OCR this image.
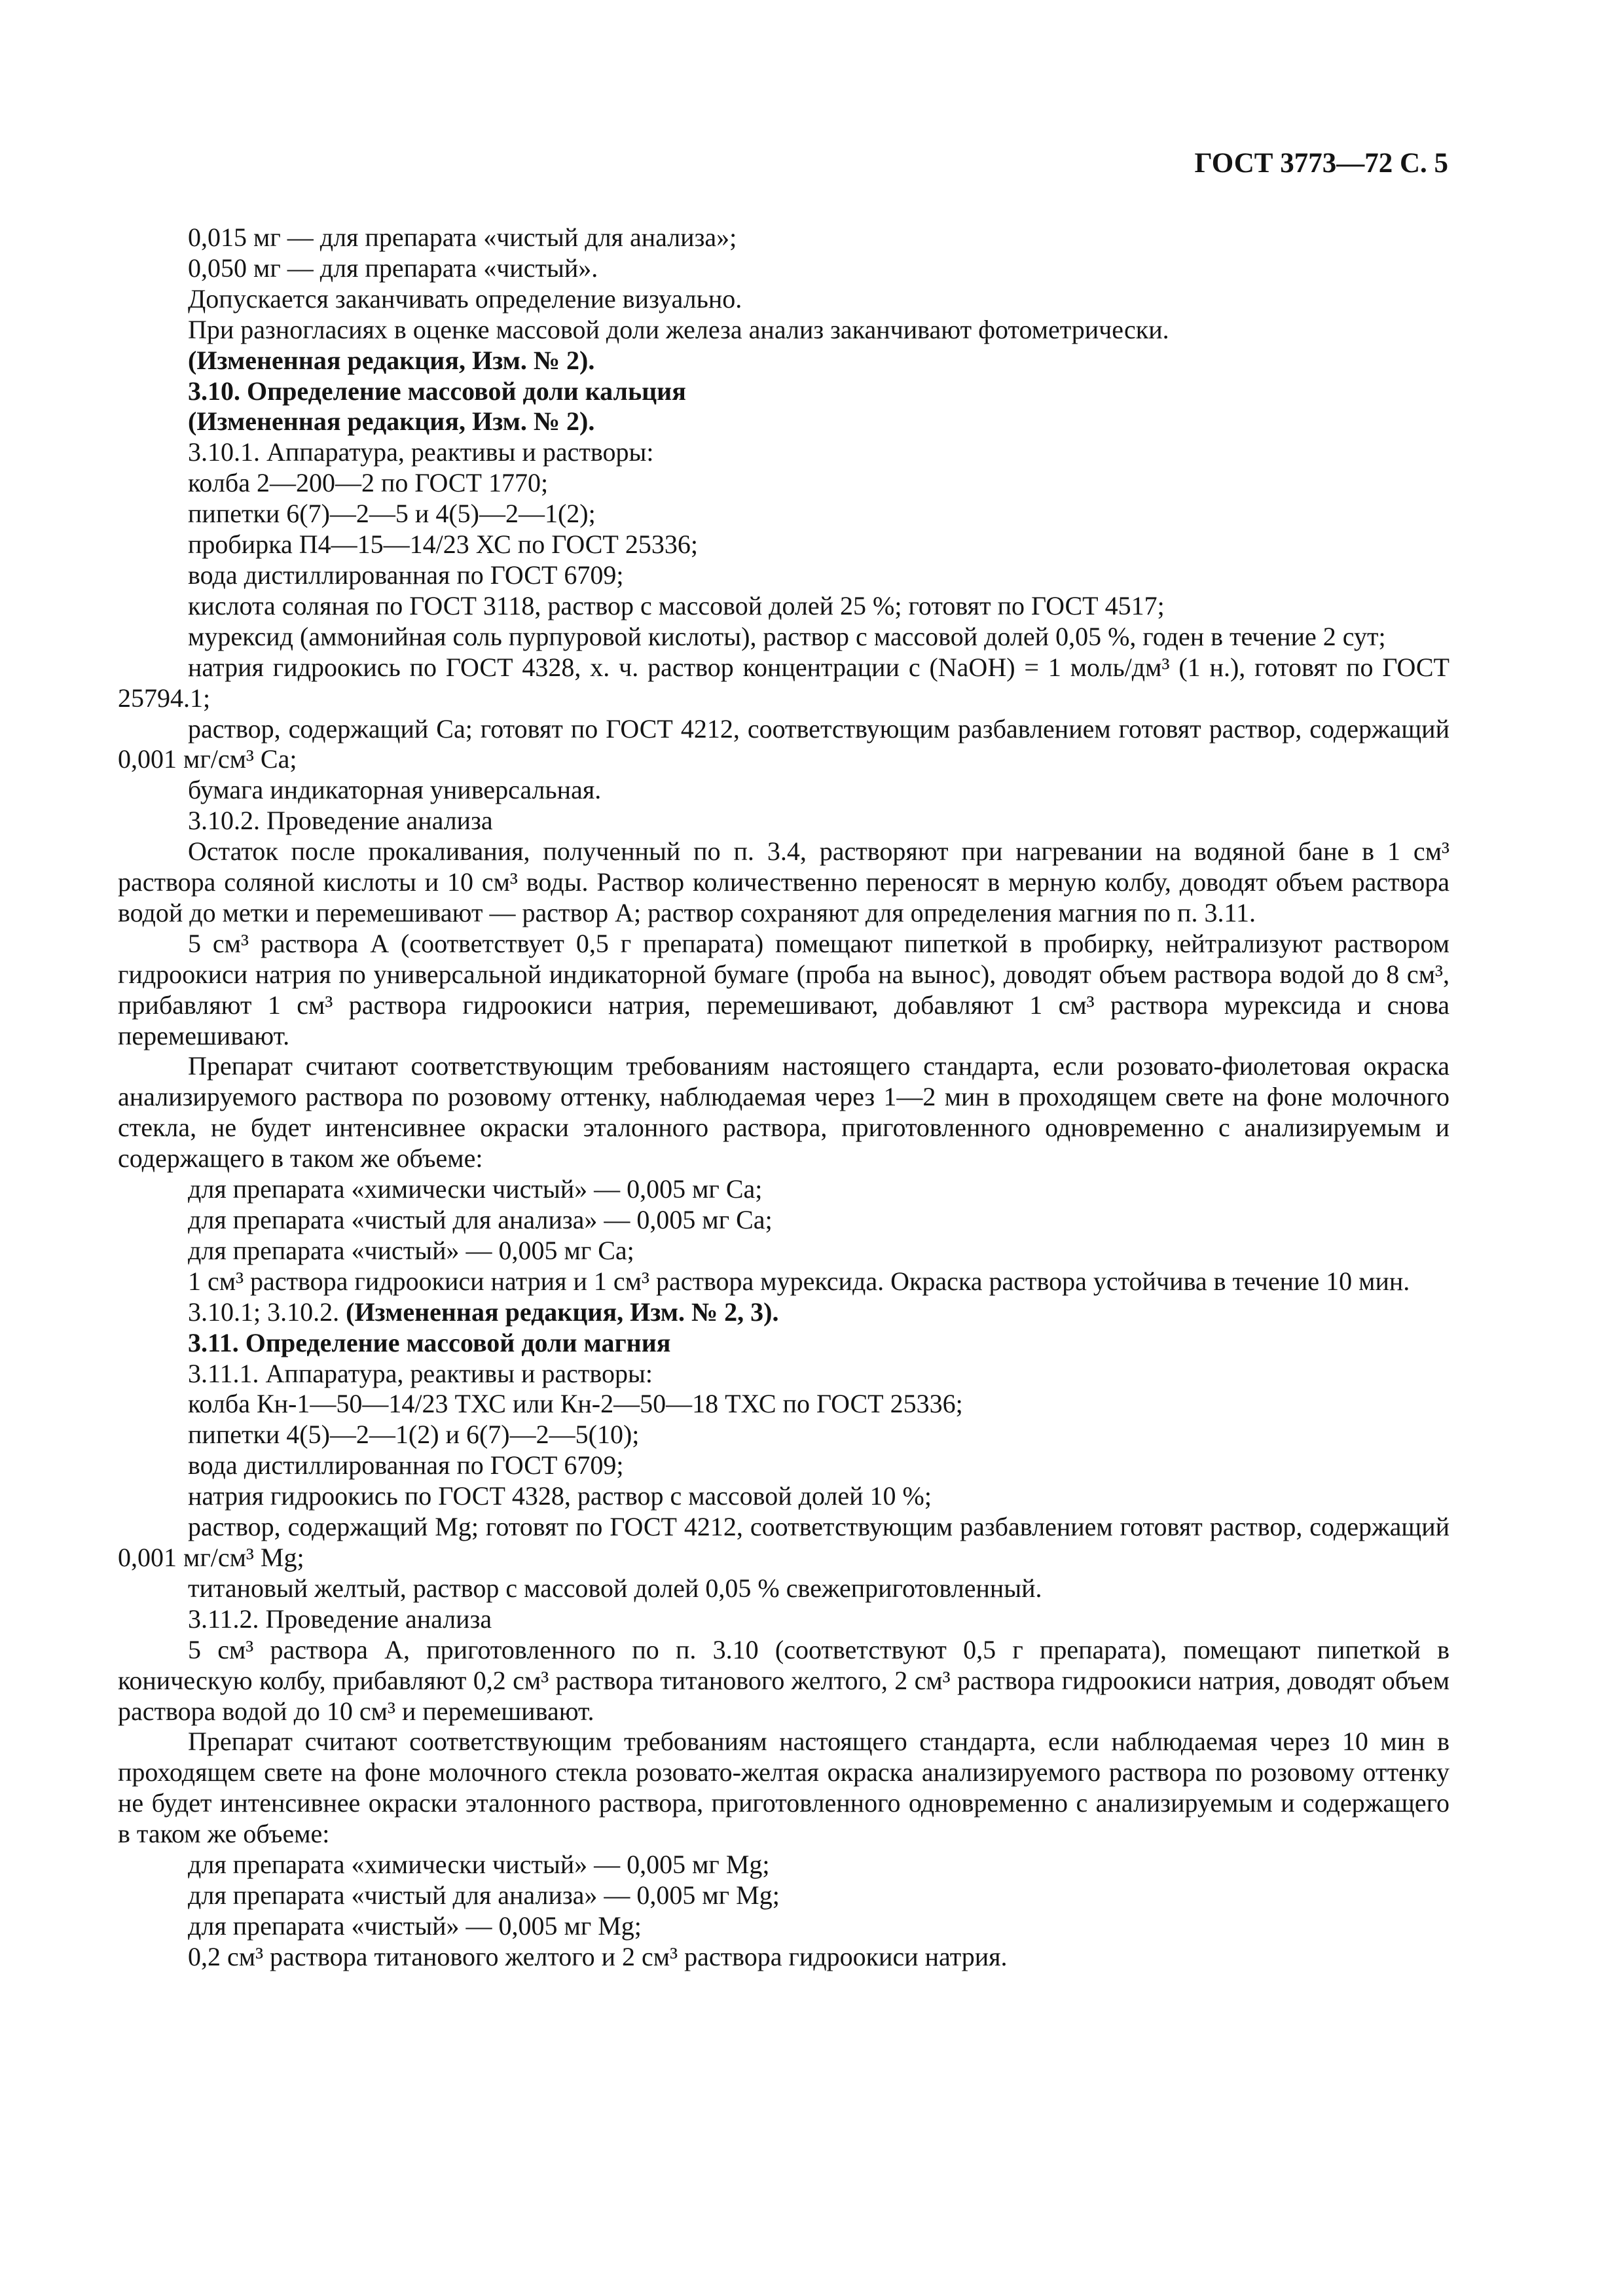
ГОСТ 3773—72 С. 5
0,015 мг — для препарата «чистый для анализа»;
0,050 мг — для препарата «чистый».
Допускается заканчивать определение визуально.
При разногласиях в оценке массовой доли железа анализ заканчивают фотометрически.
(Измененная редакция, Изм. № 2).
3.10. Определение массовой доли кальция
(Измененная редакция, Изм. № 2).
3.10.1. Аппаратура, реактивы и растворы:
колба 2—200—2 по ГОСТ 1770;
пипетки 6(7)—2—5 и 4(5)—2—1(2);
пробирка П4—15—14/23 ХС по ГОСТ 25336;
вода дистиллированная по ГОСТ 6709;
кислота соляная по ГОСТ 3118, раствор с массовой долей 25 %; готовят по ГОСТ 4517;
мурексид (аммонийная соль пурпуровой кислоты), раствор с массовой долей 0,05 %, годен в течение 2 сут;
натрия гидроокись по ГОСТ 4328, х. ч. раствор концентрации с (NaOH) = 1 моль/дм³ (1 н.), готовят по ГОСТ 25794.1;
раствор, содержащий Са; готовят по ГОСТ 4212, соответствующим разбавлением готовят раствор, содержащий 0,001 мг/см³ Са;
бумага индикаторная универсальная.
3.10.2. Проведение анализа
Остаток после прокаливания, полученный по п. 3.4, растворяют при нагревании на водяной бане в 1 см³ раствора соляной кислоты и 10 см³ воды. Раствор количественно переносят в мерную колбу, доводят объем раствора водой до метки и перемешивают — раствор А; раствор сохраняют для определения магния по п. 3.11.
5 см³ раствора А (соответствует 0,5 г препарата) помещают пипеткой в пробирку, нейтрализуют раствором гидроокиси натрия по универсальной индикаторной бумаге (проба на вынос), доводят объем раствора водой до 8 см³, прибавляют 1 см³ раствора гидроокиси натрия, перемешивают, добавляют 1 см³ раствора мурексида и снова перемешивают.
Препарат считают соответствующим требованиям настоящего стандарта, если розовато-фиолетовая окраска анализируемого раствора по розовому оттенку, наблюдаемая через 1—2 мин в проходящем свете на фоне молочного стекла, не будет интенсивнее окраски эталонного раствора, приготовленного одновременно с анализируемым и содержащего в таком же объеме:
для препарата «химически чистый» — 0,005 мг Са;
для препарата «чистый для анализа» — 0,005 мг Са;
для препарата «чистый» — 0,005 мг Са;
1 см³ раствора гидроокиси натрия и 1 см³ раствора мурексида. Окраска раствора устойчива в течение 10 мин.
3.10.1; 3.10.2. (Измененная редакция, Изм. № 2, 3).
3.11. Определение массовой доли магния
3.11.1. Аппаратура, реактивы и растворы:
колба Кн-1—50—14/23 ТХС или Кн-2—50—18 ТХС по ГОСТ 25336;
пипетки 4(5)—2—1(2) и 6(7)—2—5(10);
вода дистиллированная по ГОСТ 6709;
натрия гидроокись по ГОСТ 4328, раствор с массовой долей 10 %;
раствор, содержащий Mg; готовят по ГОСТ 4212, соответствующим разбавлением готовят раствор, содержащий 0,001 мг/см³ Mg;
титановый желтый, раствор с массовой долей 0,05 % свежеприготовленный.
3.11.2. Проведение анализа
5 см³ раствора А, приготовленного по п. 3.10 (соответствуют 0,5 г препарата), помещают пипеткой в коническую колбу, прибавляют 0,2 см³ раствора титанового желтого, 2 см³ раствора гидроокиси натрия, доводят объем раствора водой до 10 см³ и перемешивают.
Препарат считают соответствующим требованиям настоящего стандарта, если наблюдаемая через 10 мин в проходящем свете на фоне молочного стекла розовато-желтая окраска анализируемого раствора по розовому оттенку не будет интенсивнее окраски эталонного раствора, приготовленного одновременно с анализируемым и содержащего в таком же объеме:
для препарата «химически чистый» — 0,005 мг Mg;
для препарата «чистый для анализа» — 0,005 мг Mg;
для препарата «чистый» — 0,005 мг Mg;
0,2 см³ раствора титанового желтого и 2 см³ раствора гидроокиси натрия.
